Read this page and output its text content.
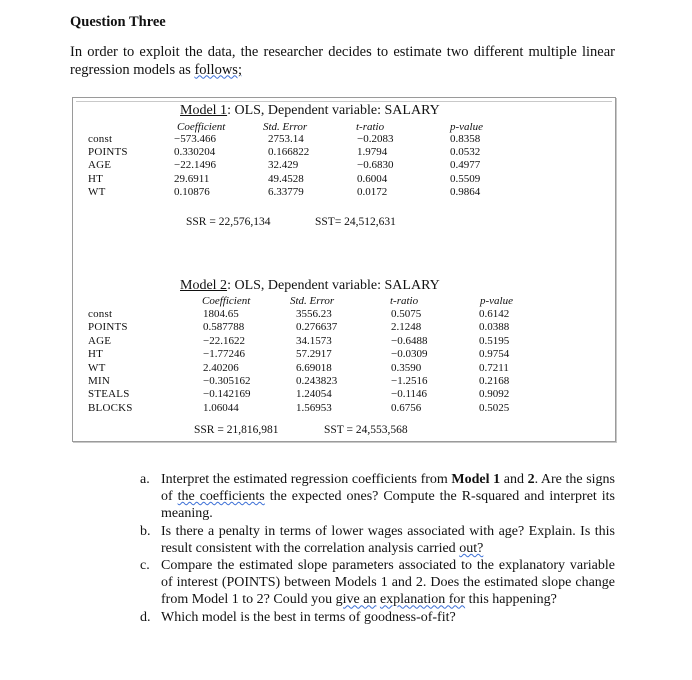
Question Three
In order to exploit the data, the researcher decides to estimate two different multiple linear regression models as follows;
Model 1: OLS, Dependent variable: SALARY
Coefficient	Std. Error	t-ratio	p-value
const	−573.466	2753.14	−0.2083	0.8358
POINTS	0.330204	0.166822	1.9794	0.0532
AGE	−22.1496	32.429	−0.6830	0.4977
HT	29.6911	49.4528	0.6004	0.5509
WT	0.10876	6.33779	0.0172	0.9864
SSR = 22,576,134	SST= 24,512,631
Model 2: OLS, Dependent variable: SALARY
Coefficient	Std. Error	t-ratio	p-value
const	1804.65	3556.23	0.5075	0.6142
POINTS	0.587788	0.276637	2.1248	0.0388
AGE	−22.1622	34.1573	−0.6488	0.5195
HT	−1.77246	57.2917	−0.0309	0.9754
WT	2.40206	6.69018	0.3590	0.7211
MIN	−0.305162	0.243823	−1.2516	0.2168
STEALS	−0.142169	1.24054	−0.1146	0.9092
BLOCKS	1.06044	1.56953	0.6756	0.5025
SSR = 21,816,981	SST = 24,553,568
a. Interpret the estimated regression coefficients from Model 1 and 2. Are the signs of the coefficients the expected ones? Compute the R-squared and interpret its meaning.
b. Is there a penalty in terms of lower wages associated with age? Explain. Is this result consistent with the correlation analysis carried out?
c. Compare the estimated slope parameters associated to the explanatory variable of interest (POINTS) between Models 1 and 2. Does the estimated slope change from Model 1 to 2? Could you give an explanation for this happening?
d. Which model is the best in terms of goodness-of-fit?
